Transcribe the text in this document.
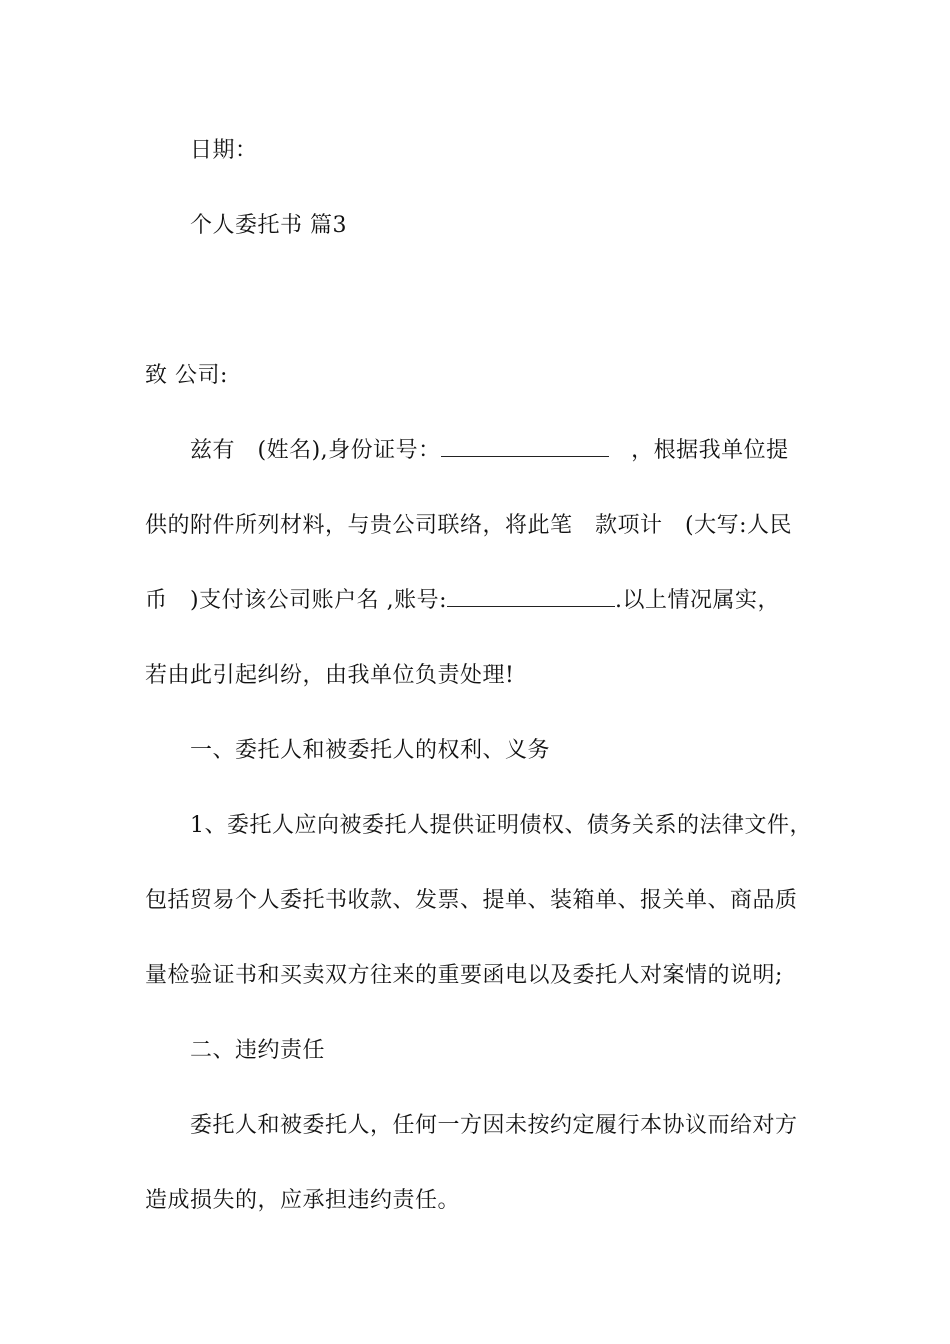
日期：
个人委托书 篇3
致 公司:
兹有　(姓名),身份证号：	　，根据我单位提
供的附件所列材料，与贵公司联络，将此笔　款项计　(大写:人民
币　)支付该公司账户名 ,账号:	.以上情况属实，
若由此引起纠纷，由我单位负责处理!
一、委托人和被委托人的权利、义务
1、委托人应向被委托人提供证明债权、债务关系的法律文件，
包括贸易个人委托书收款、发票、提单、装箱单、报关单、商品质
量检验证书和买卖双方往来的重要函电以及委托人对案情的说明;
二、违约责任
委托人和被委托人，任何一方因未按约定履行本协议而给对方
造成损失的，应承担违约责任。
